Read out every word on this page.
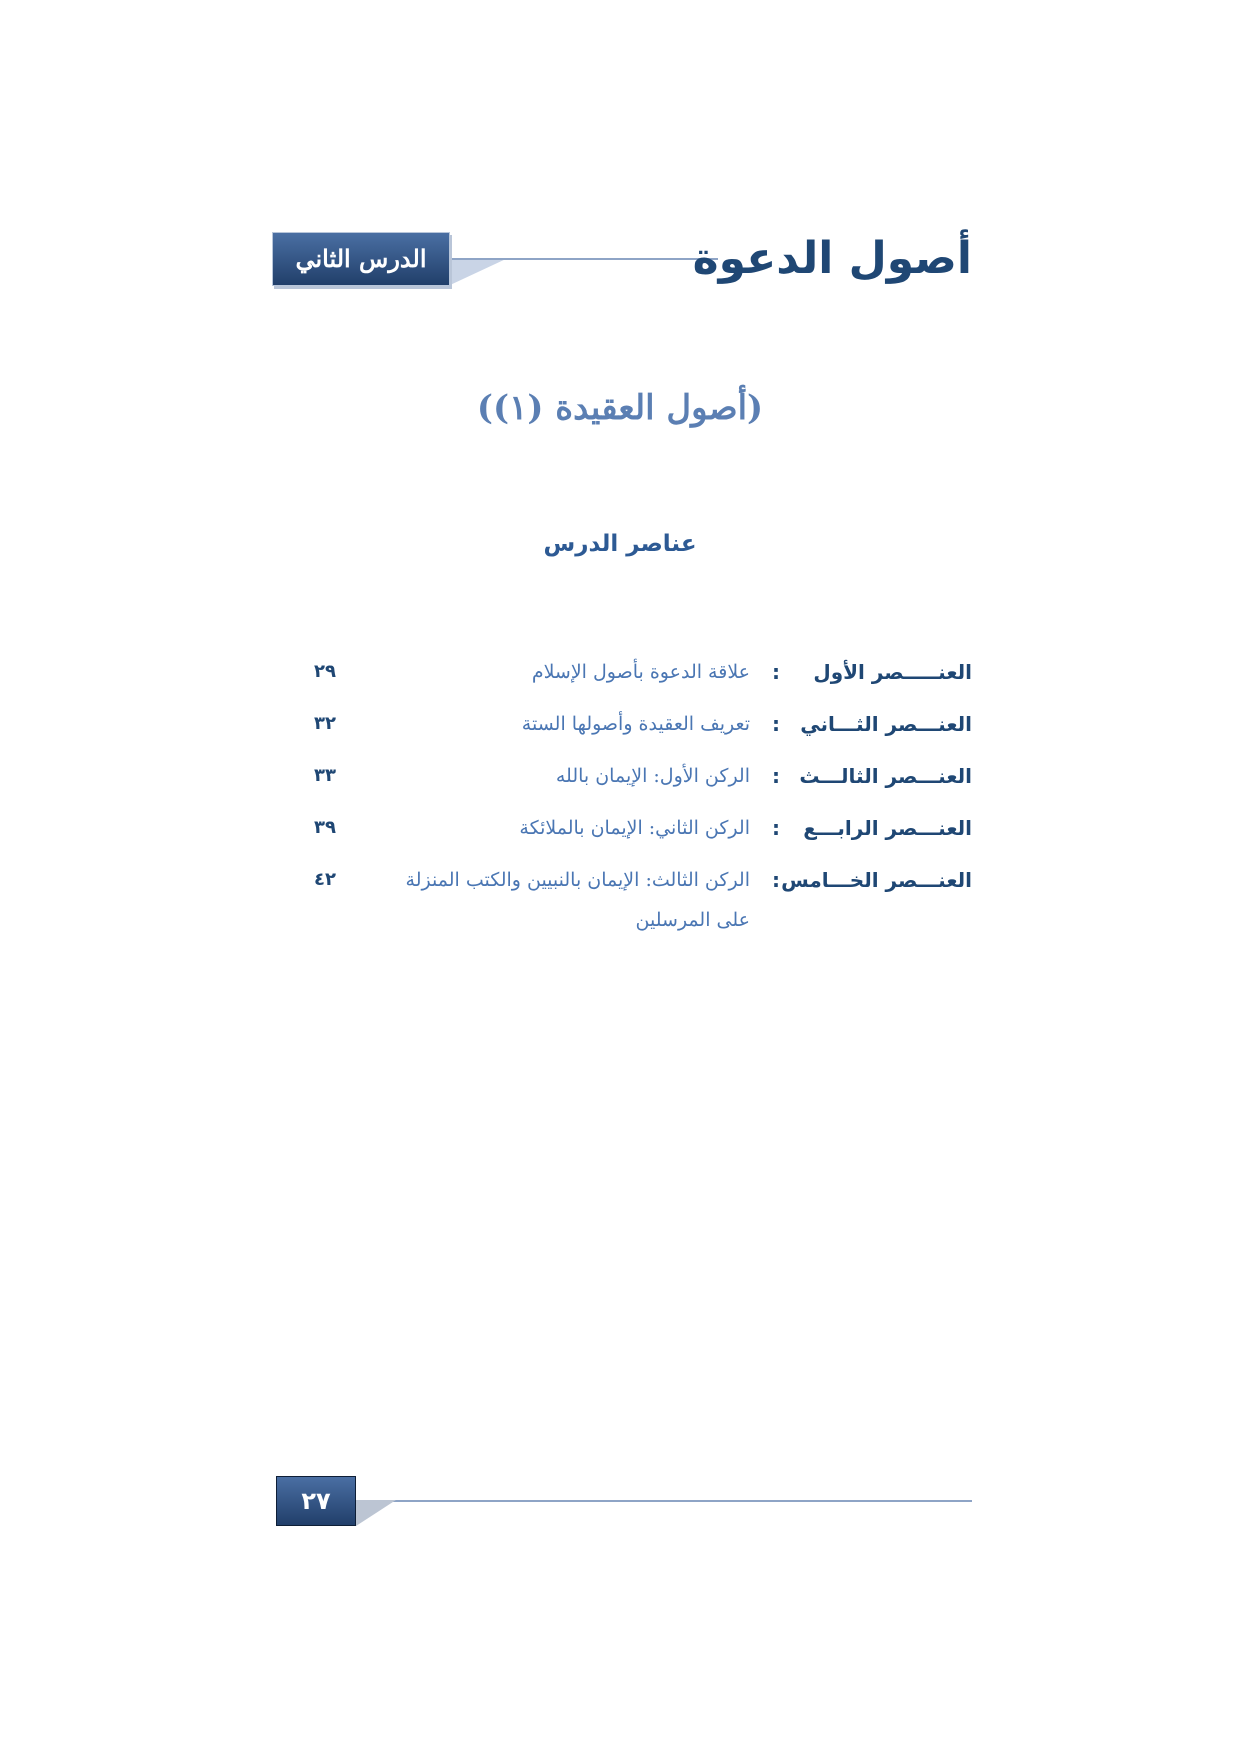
الدرس الثاني	أصول الدعوة
(أصول العقيدة (١))
عناصر الدرس
العنـــــصر الأول
:
علاقة الدعوة بأصول الإسلام
٢٩
العنـــصر الثـــاني
:
تعريف العقيدة وأصولها الستة
٣٢
العنـــصر الثالـــث
:
الركن الأول: الإيمان بالله
٣٣
العنـــصر الرابـــع
:
الركن الثاني: الإيمان بالملائكة
٣٩
العنـــصر الخـــامس
:
الركن الثالث: الإيمان بالنبيين والكتب المنزلة على المرسلين
٤٢
٢٧
